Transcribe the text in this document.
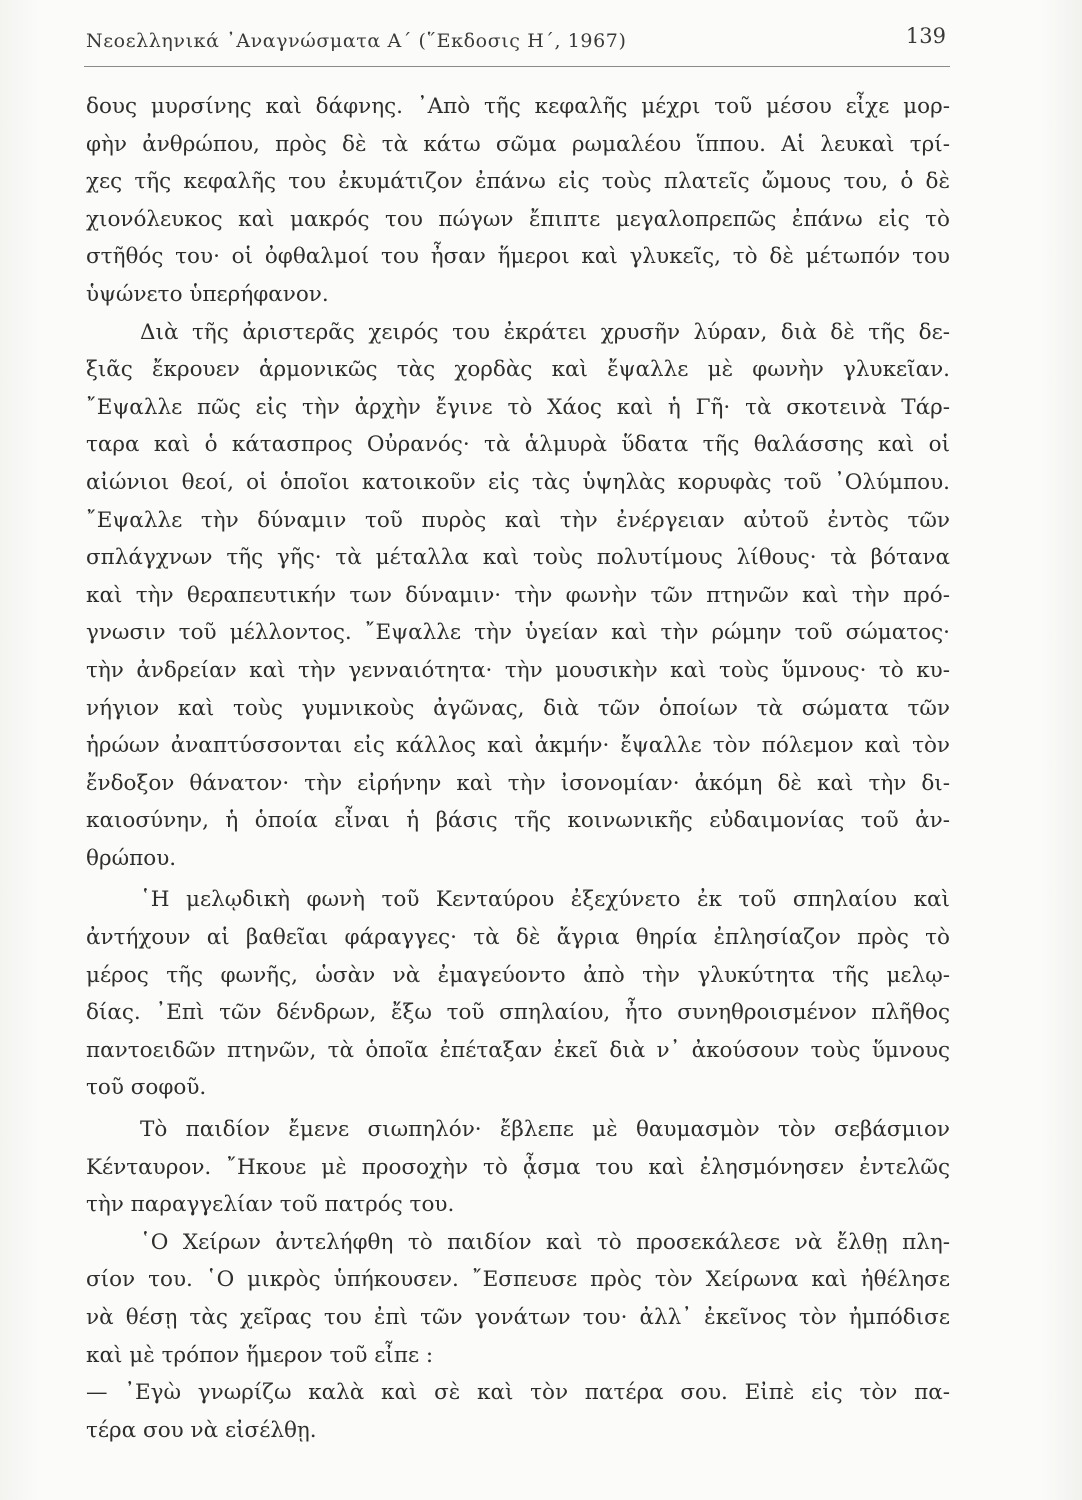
Νεοελληνικά ᾿Αναγνώσματα Α΄ (῞Εκδοσις Η΄, 1967)	139
δους μυρσίνης καὶ δάφνης. ᾿Απὸ τῆς κεφαλῆς μέχρι τοῦ μέσου εἶχε μορ-
φὴν ἀνθρώπου, πρὸς δὲ τὰ κάτω σῶμα ρωμαλέου ἵππου. Αἱ λευκαὶ τρί-
χες τῆς κεφαλῆς του ἐκυμάτιζον ἐπάνω εἰς τοὺς πλατεῖς ὤμους του, ὁ δὲ
χιονόλευκος καὶ μακρός του πώγων ἔπιπτε μεγαλοπρεπῶς ἐπάνω εἰς τὸ
στῆθός του· οἱ ὀφθαλμοί του ἦσαν ἥμεροι καὶ γλυκεῖς, τὸ δὲ μέτωπόν του
ὑψώνετο ὑπερήφανον.
Διὰ τῆς ἀριστερᾶς χειρός του ἐκράτει χρυσῆν λύραν, διὰ δὲ τῆς δε-
ξιᾶς ἔκρουεν ἁρμονικῶς τὰς χορδὰς καὶ ἔψαλλε μὲ φωνὴν γλυκεῖαν.
῎Εψαλλε πῶς εἰς τὴν ἀρχὴν ἔγινε τὸ Χάος καὶ ἡ Γῆ· τὰ σκοτεινὰ Τάρ-
ταρα καὶ ὁ κάτασπρος Οὐρανός· τὰ ἁλμυρὰ ὕδατα τῆς θαλάσσης καὶ οἱ
αἰώνιοι θεοί, οἱ ὁποῖοι κατοικοῦν εἰς τὰς ὑψηλὰς κορυφὰς τοῦ ᾿Ολύμπου.
῎Εψαλλε τὴν δύναμιν τοῦ πυρὸς καὶ τὴν ἐνέργειαν αὐτοῦ ἐντὸς τῶν
σπλάγχνων τῆς γῆς· τὰ μέταλλα καὶ τοὺς πολυτίμους λίθους· τὰ βότανα
καὶ τὴν θεραπευτικήν των δύναμιν· τὴν φωνὴν τῶν πτηνῶν καὶ τὴν πρό-
γνωσιν τοῦ μέλλοντος. ῎Εψαλλε τὴν ὑγείαν καὶ τὴν ρώμην τοῦ σώματος·
τὴν ἀνδρείαν καὶ τὴν γενναιότητα· τὴν μουσικὴν καὶ τοὺς ὕμνους· τὸ κυ-
νήγιον καὶ τοὺς γυμνικοὺς ἀγῶνας, διὰ τῶν ὁποίων τὰ σώματα τῶν
ἡρώων ἀναπτύσσονται εἰς κάλλος καὶ ἀκμήν· ἔψαλλε τὸν πόλεμον καὶ τὸν
ἔνδοξον θάνατον· τὴν εἰρήνην καὶ τὴν ἰσονομίαν· ἀκόμη δὲ καὶ τὴν δι-
καιοσύνην, ἡ ὁποία εἶναι ἡ βάσις τῆς κοινωνικῆς εὐδαιμονίας τοῦ ἀν-
θρώπου.
῾Η μελῳδικὴ φωνὴ τοῦ Κενταύρου ἐξεχύνετο ἐκ τοῦ σπηλαίου καὶ
ἀντήχουν αἱ βαθεῖαι φάραγγες· τὰ δὲ ἄγρια θηρία ἐπλησίαζον πρὸς τὸ
μέρος τῆς φωνῆς, ὡσὰν νὰ ἐμαγεύοντο ἀπὸ τὴν γλυκύτητα τῆς μελῳ-
δίας. ᾿Επὶ τῶν δένδρων, ἔξω τοῦ σπηλαίου, ἦτο συνηθροισμένον πλῆθος
παντοειδῶν πτηνῶν, τὰ ὁποῖα ἐπέταξαν ἐκεῖ διὰ ν᾿ ἀκούσουν τοὺς ὕμνους
τοῦ σοφοῦ.
Τὸ παιδίον ἔμενε σιωπηλόν· ἔβλεπε μὲ θαυμασμὸν τὸν σεβάσμιον
Κένταυρον. ῎Ηκουε μὲ προσοχὴν τὸ ᾆσμα του καὶ ἐλησμόνησεν ἐντελῶς
τὴν παραγγελίαν τοῦ πατρός του.
῾Ο Χείρων ἀντελήφθη τὸ παιδίον καὶ τὸ προσεκάλεσε νὰ ἔλθῃ πλη-
σίον του. ῾Ο μικρὸς ὑπήκουσεν. ῎Εσπευσε πρὸς τὸν Χείρωνα καὶ ἠθέλησε
νὰ θέσῃ τὰς χεῖρας του ἐπὶ τῶν γονάτων του· ἀλλ᾿ ἐκεῖνος τὸν ἠμπόδισε
καὶ μὲ τρόπον ἥμερον τοῦ εἶπε :
— ᾿Εγὼ γνωρίζω καλὰ καὶ σὲ καὶ τὸν πατέρα σου. Εἰπὲ εἰς τὸν πα-
τέρα σου νὰ εἰσέλθῃ.
